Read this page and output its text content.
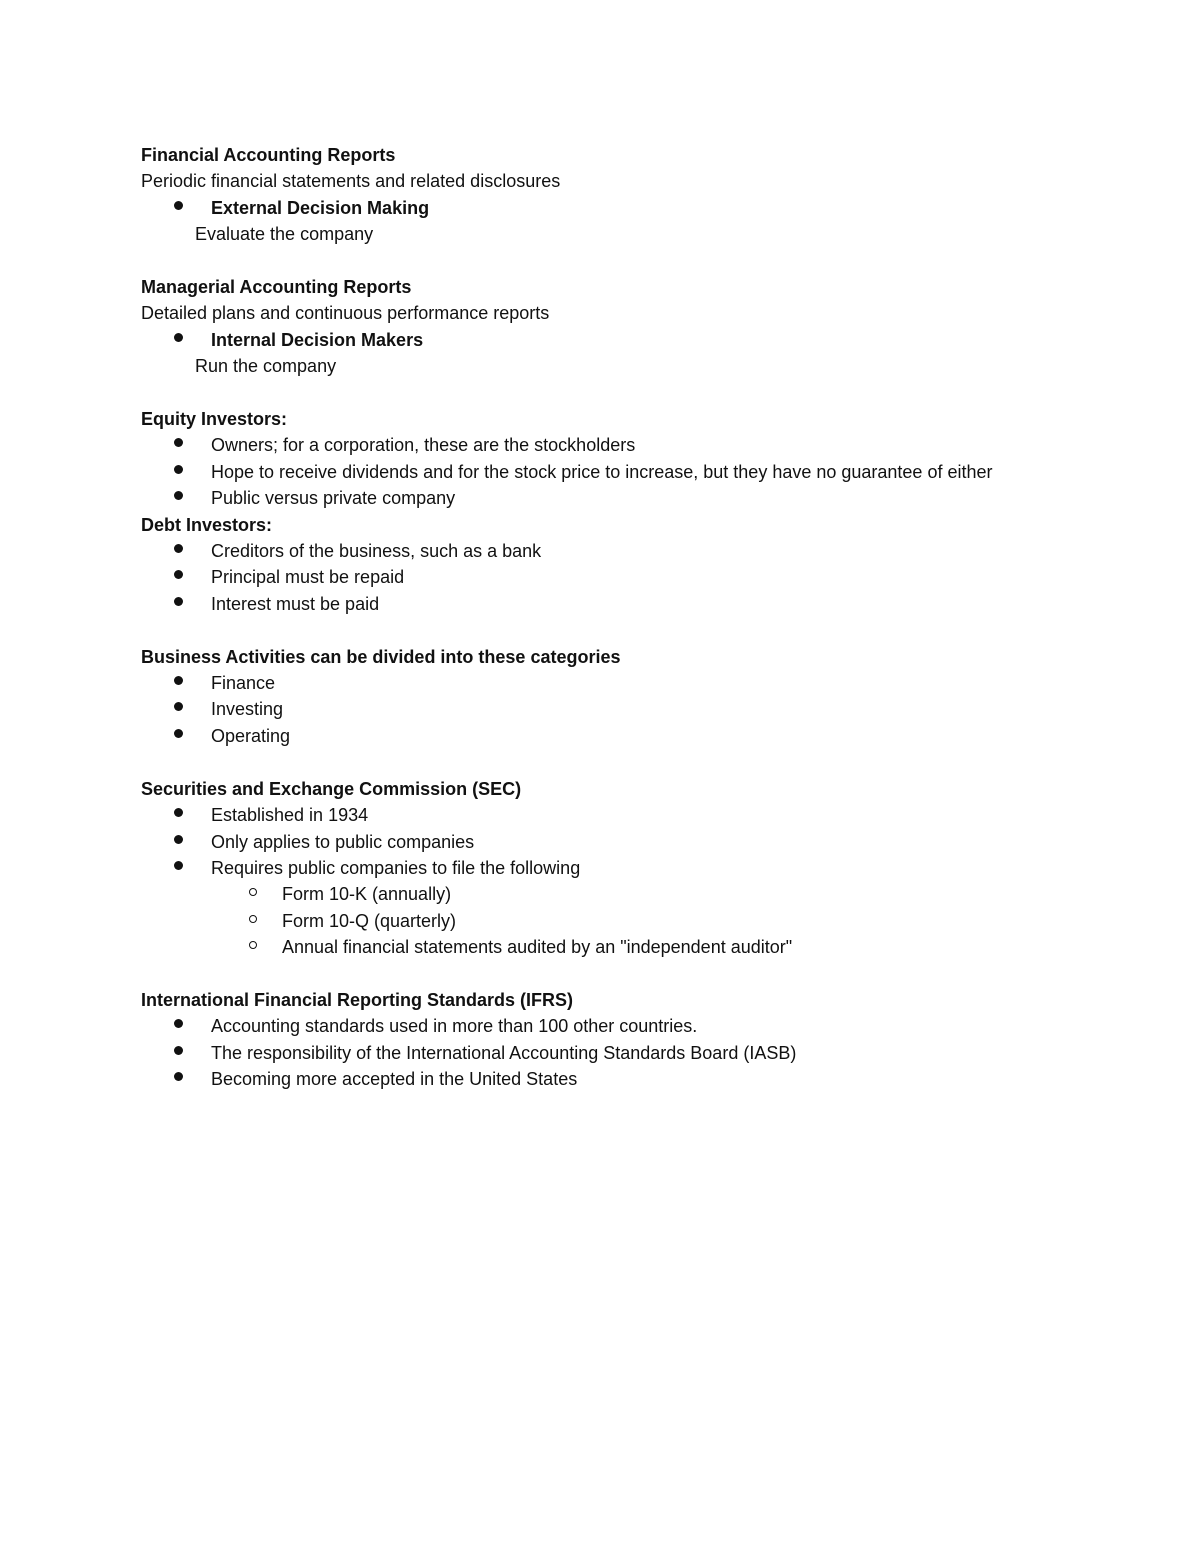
Financial Accounting Reports

Periodic financial statements and related disclosures

External Decision Making

Evaluate the company

Managerial Accounting Reports

Detailed plans and continuous performance reports

Internal Decision Makers

Run the company

Equity Investors:

Owners; for a corporation, these are the stockholders
Hope to receive dividends and for the stock price to increase, but they have no guarantee of either
Public versus private company

Debt Investors:

Creditors of the business, such as a bank
Principal must be repaid
Interest must be paid

Business Activities can be divided into these categories

Finance
Investing
Operating

Securities and Exchange Commission (SEC)

Established in 1934
Only applies to public companies
Requires public companies to file the following
Form 10-K (annually)
Form 10-Q (quarterly)
Annual financial statements audited by an "independent auditor"

International Financial Reporting Standards (IFRS)

Accounting standards used in more than 100 other countries.
The responsibility of the International Accounting Standards Board (IASB)
Becoming more accepted in the United States
